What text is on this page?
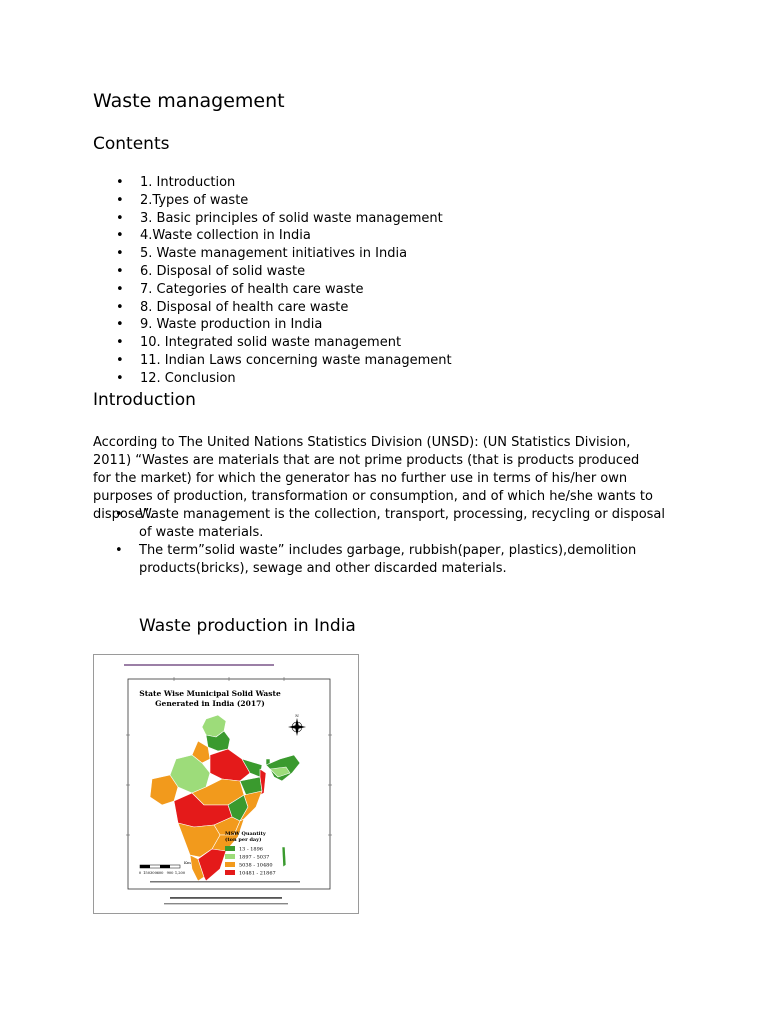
Waste management
Contents
• 1. Introduction
• 2.Types of waste
• 3. Basic principles of solid waste management
• 4.Waste collection in India
• 5. Waste management initiatives in India
• 6. Disposal of solid waste
• 7. Categories of health care waste
• 8. Disposal of health care waste
• 9. Waste production in India
• 10. Integrated solid waste management
• 11. Indian Laws concerning waste management
• 12. Conclusion
Introduction

According to The United Nations Statistics Division (UNSD): (UN Statistics Division, 2011) “Wastes are materials that are not prime products (that is products produced for the market) for which the generator has no further use in terms of his/her own purposes of production, transformation or consumption, and of which he/she wants to dispose”.

• Waste management is the collection, transport, processing, recycling or disposal of waste materials.
• The term”solid waste” includes garbage, rubbish(paper, plastics),demolition products(bricks), sewage and other discarded materials.
Waste production in India
State Wise Municipal Solid Waste
Generated in India (2017)
N
MSW Quantity
(ton per day)
13 - 1896
1897 - 5037
5038 - 10480
10481 - 21867
Km
0 150300 600 900 1,200
